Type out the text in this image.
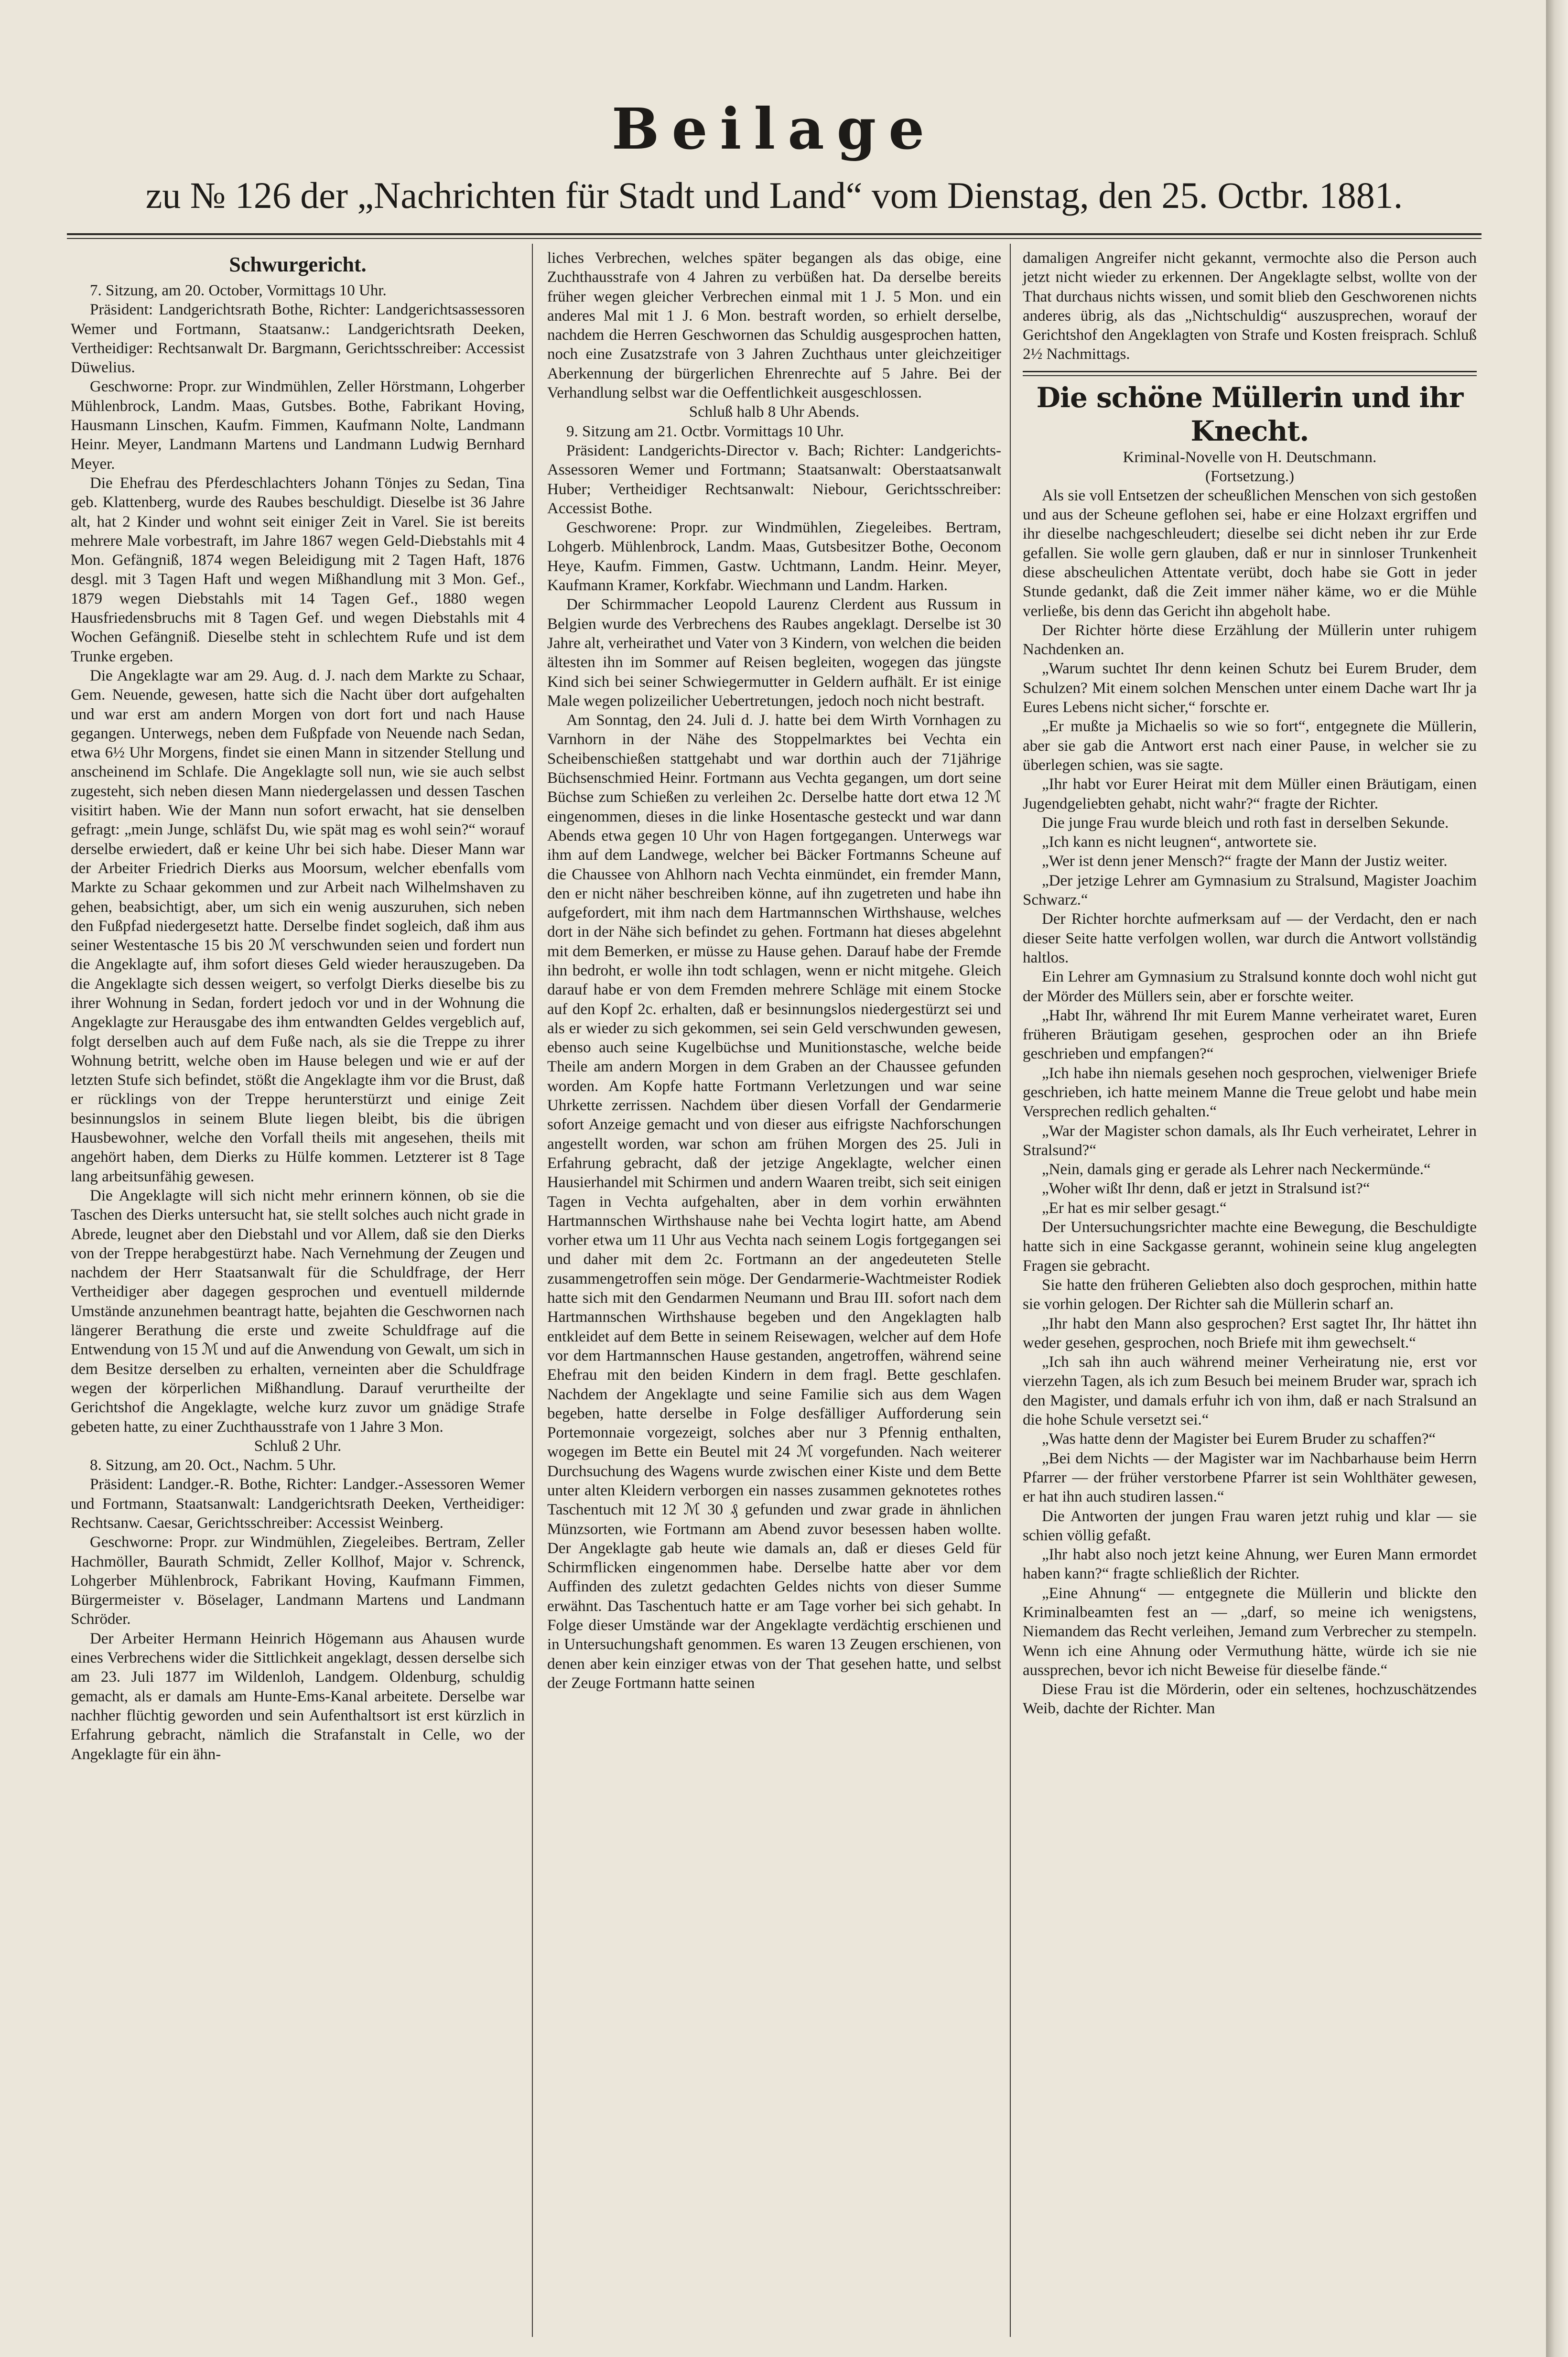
Beilage
zu № 126 der „Nachrichten für Stadt und Land“ vom Dienstag, den 25. Octbr. 1881.
Schwurgericht.

7. Sitzung, am 20. October, Vormittags 10 Uhr.

Präsident: Landgerichtsrath Bothe, Richter: Landgerichtsassessoren Wemer und Fortmann, Staatsanw.: Landgerichtsrath Deeken, Vertheidiger: Rechtsanwalt Dr. Bargmann, Gerichtsschreiber: Accessist Düwelius.

Geschworne: Propr. zur Windmühlen, Zeller Hörstmann, Lohgerber Mühlenbrock, Landm. Maas, Gutsbes. Bothe, Fabrikant Hoving, Hausmann Linschen, Kaufm. Fimmen, Kaufmann Nolte, Landmann Heinr. Meyer, Landmann Martens und Landmann Ludwig Bernhard Meyer.

Die Ehefrau des Pferdeschlachters Johann Tönjes zu Sedan, Tina geb. Klattenberg, wurde des Raubes beschuldigt. Dieselbe ist 36 Jahre alt, hat 2 Kinder und wohnt seit einiger Zeit in Varel. Sie ist bereits mehrere Male vorbestraft, im Jahre 1867 wegen Geld-Diebstahls mit 4 Mon. Gefängniß, 1874 wegen Beleidigung mit 2 Tagen Haft, 1876 desgl. mit 3 Tagen Haft und wegen Mißhandlung mit 3 Mon. Gef., 1879 wegen Diebstahls mit 14 Tagen Gef., 1880 wegen Hausfriedensbruchs mit 8 Tagen Gef. und wegen Diebstahls mit 4 Wochen Gefängniß. Dieselbe steht in schlechtem Rufe und ist dem Trunke ergeben.

Die Angeklagte war am 29. Aug. d. J. nach dem Markte zu Schaar, Gem. Neuende, gewesen, hatte sich die Nacht über dort aufgehalten und war erst am andern Morgen von dort fort und nach Hause gegangen. Unterwegs, neben dem Fußpfade von Neuende nach Sedan, etwa 6½ Uhr Morgens, findet sie einen Mann in sitzender Stellung und anscheinend im Schlafe. Die Angeklagte soll nun, wie sie auch selbst zugesteht, sich neben diesen Mann niedergelassen und dessen Taschen visitirt haben. Wie der Mann nun sofort erwacht, hat sie denselben gefragt: „mein Junge, schläfst Du, wie spät mag es wohl sein?“ worauf derselbe erwiedert, daß er keine Uhr bei sich habe. Dieser Mann war der Arbeiter Friedrich Dierks aus Moorsum, welcher ebenfalls vom Markte zu Schaar gekommen und zur Arbeit nach Wilhelmshaven zu gehen, beabsichtigt, aber, um sich ein wenig auszuruhen, sich neben den Fußpfad niedergesetzt hatte. Derselbe findet sogleich, daß ihm aus seiner Westentasche 15 bis 20 ℳ verschwunden seien und fordert nun die Angeklagte auf, ihm sofort dieses Geld wieder herauszugeben. Da die Angeklagte sich dessen weigert, so verfolgt Dierks dieselbe bis zu ihrer Wohnung in Sedan, fordert jedoch vor und in der Wohnung die Angeklagte zur Herausgabe des ihm entwandten Geldes vergeblich auf, folgt derselben auch auf dem Fuße nach, als sie die Treppe zu ihrer Wohnung betritt, welche oben im Hause belegen und wie er auf der letzten Stufe sich befindet, stößt die Angeklagte ihm vor die Brust, daß er rücklings von der Treppe herunterstürzt und einige Zeit besinnungslos in seinem Blute liegen bleibt, bis die übrigen Hausbewohner, welche den Vorfall theils mit angesehen, theils mit angehört haben, dem Dierks zu Hülfe kommen. Letzterer ist 8 Tage lang arbeitsunfähig gewesen.

Die Angeklagte will sich nicht mehr erinnern können, ob sie die Taschen des Dierks untersucht hat, sie stellt solches auch nicht grade in Abrede, leugnet aber den Diebstahl und vor Allem, daß sie den Dierks von der Treppe herabgestürzt habe. Nach Vernehmung der Zeugen und nachdem der Herr Staatsanwalt für die Schuldfrage, der Herr Vertheidiger aber dagegen gesprochen und eventuell mildernde Umstände anzunehmen beantragt hatte, bejahten die Geschwornen nach längerer Berathung die erste und zweite Schuldfrage auf die Entwendung von 15 ℳ und auf die Anwendung von Gewalt, um sich in dem Besitze derselben zu erhalten, verneinten aber die Schuldfrage wegen der körperlichen Mißhandlung. Darauf verurtheilte der Gerichtshof die Angeklagte, welche kurz zuvor um gnädige Strafe gebeten hatte, zu einer Zuchthausstrafe von 1 Jahre 3 Mon.

Schluß 2 Uhr.

8. Sitzung, am 20. Oct., Nachm. 5 Uhr.

Präsident: Landger.-R. Bothe, Richter: Landger.-Assessoren Wemer und Fortmann, Staatsanwalt: Landgerichtsrath Deeken, Vertheidiger: Rechtsanw. Caesar, Gerichtsschreiber: Accessist Weinberg.

Geschworne: Propr. zur Windmühlen, Ziegeleibes. Bertram, Zeller Hachmöller, Baurath Schmidt, Zeller Kollhof, Major v. Schrenck, Lohgerber Mühlenbrock, Fabrikant Hoving, Kaufmann Fimmen, Bürgermeister v. Böselager, Landmann Martens und Landmann Schröder.

Der Arbeiter Hermann Heinrich Högemann aus Ahausen wurde eines Verbrechens wider die Sittlichkeit angeklagt, dessen derselbe sich am 23. Juli 1877 im Wildenloh, Landgem. Oldenburg, schuldig gemacht, als er damals am Hunte-Ems-Kanal arbeitete. Derselbe war nachher flüchtig geworden und sein Aufenthaltsort ist erst kürzlich in Erfahrung gebracht, nämlich die Strafanstalt in Celle, wo der Angeklagte für ein ähn-

liches Verbrechen, welches später begangen als das obige, eine Zuchthausstrafe von 4 Jahren zu verbüßen hat. Da derselbe bereits früher wegen gleicher Verbrechen einmal mit 1 J. 5 Mon. und ein anderes Mal mit 1 J. 6 Mon. bestraft worden, so erhielt derselbe, nachdem die Herren Geschwornen das Schuldig ausgesprochen hatten, noch eine Zusatzstrafe von 3 Jahren Zuchthaus unter gleichzeitiger Aberkennung der bürgerlichen Ehrenrechte auf 5 Jahre. Bei der Verhandlung selbst war die Oeffentlichkeit ausgeschlossen.

Schluß halb 8 Uhr Abends.

9. Sitzung am 21. Octbr. Vormittags 10 Uhr.

Präsident: Landgerichts-Director v. Bach; Richter: Landgerichts-Assessoren Wemer und Fortmann; Staatsanwalt: Oberstaatsanwalt Huber; Vertheidiger Rechtsanwalt: Niebour, Gerichtsschreiber: Accessist Bothe.

Geschworene: Propr. zur Windmühlen, Ziegeleibes. Bertram, Lohgerb. Mühlenbrock, Landm. Maas, Gutsbesitzer Bothe, Oeconom Heye, Kaufm. Fimmen, Gastw. Uchtmann, Landm. Heinr. Meyer, Kaufmann Kramer, Korkfabr. Wiechmann und Landm. Harken.

Der Schirmmacher Leopold Laurenz Clerdent aus Russum in Belgien wurde des Verbrechens des Raubes angeklagt. Derselbe ist 30 Jahre alt, verheirathet und Vater von 3 Kindern, von welchen die beiden ältesten ihn im Sommer auf Reisen begleiten, wogegen das jüngste Kind sich bei seiner Schwiegermutter in Geldern aufhält. Er ist einige Male wegen polizeilicher Uebertretungen, jedoch noch nicht bestraft.

Am Sonntag, den 24. Juli d. J. hatte bei dem Wirth Vornhagen zu Varnhorn in der Nähe des Stoppelmarktes bei Vechta ein Scheibenschießen stattgehabt und war dorthin auch der 71jährige Büchsenschmied Heinr. Fortmann aus Vechta gegangen, um dort seine Büchse zum Schießen zu verleihen 2c. Derselbe hatte dort etwa 12 ℳ eingenommen, dieses in die linke Hosentasche gesteckt und war dann Abends etwa gegen 10 Uhr von Hagen fortgegangen. Unterwegs war ihm auf dem Landwege, welcher bei Bäcker Fortmanns Scheune auf die Chaussee von Ahlhorn nach Vechta einmündet, ein fremder Mann, den er nicht näher beschreiben könne, auf ihn zugetreten und habe ihn aufgefordert, mit ihm nach dem Hartmannschen Wirthshause, welches dort in der Nähe sich befindet zu gehen. Fortmann hat dieses abgelehnt mit dem Bemerken, er müsse zu Hause gehen. Darauf habe der Fremde ihn bedroht, er wolle ihn todt schlagen, wenn er nicht mitgehe. Gleich darauf habe er von dem Fremden mehrere Schläge mit einem Stocke auf den Kopf 2c. erhalten, daß er besinnungslos niedergestürzt sei und als er wieder zu sich gekommen, sei sein Geld verschwunden gewesen, ebenso auch seine Kugelbüchse und Munitionstasche, welche beide Theile am andern Morgen in dem Graben an der Chaussee gefunden worden. Am Kopfe hatte Fortmann Verletzungen und war seine Uhrkette zerrissen. Nachdem über diesen Vorfall der Gendarmerie sofort Anzeige gemacht und von dieser aus eifrigste Nachforschungen angestellt worden, war schon am frühen Morgen des 25. Juli in Erfahrung gebracht, daß der jetzige Angeklagte, welcher einen Hausierhandel mit Schirmen und andern Waaren treibt, sich seit einigen Tagen in Vechta aufgehalten, aber in dem vorhin erwähnten Hartmannschen Wirthshause nahe bei Vechta logirt hatte, am Abend vorher etwa um 11 Uhr aus Vechta nach seinem Logis fortgegangen sei und daher mit dem 2c. Fortmann an der angedeuteten Stelle zusammengetroffen sein möge. Der Gendarmerie-Wachtmeister Rodiek hatte sich mit den Gendarmen Neumann und Brau III. sofort nach dem Hartmannschen Wirthshause begeben und den Angeklagten halb entkleidet auf dem Bette in seinem Reisewagen, welcher auf dem Hofe vor dem Hartmannschen Hause gestanden, angetroffen, während seine Ehefrau mit den beiden Kindern in dem fragl. Bette geschlafen. Nachdem der Angeklagte und seine Familie sich aus dem Wagen begeben, hatte derselbe in Folge desfälliger Aufforderung sein Portemonnaie vorgezeigt, solches aber nur 3 Pfennig enthalten, wogegen im Bette ein Beutel mit 24 ℳ vorgefunden. Nach weiterer Durchsuchung des Wagens wurde zwischen einer Kiste und dem Bette unter alten Kleidern verborgen ein nasses zusammen geknotetes rothes Taschentuch mit 12 ℳ 30 ₰ gefunden und zwar grade in ähnlichen Münzsorten, wie Fortmann am Abend zuvor besessen haben wollte. Der Angeklagte gab heute wie damals an, daß er dieses Geld für Schirmflicken eingenommen habe. Derselbe hatte aber vor dem Auffinden des zuletzt gedachten Geldes nichts von dieser Summe erwähnt. Das Taschentuch hatte er am Tage vorher bei sich gehabt. In Folge dieser Umstände war der Angeklagte verdächtig erschienen und in Untersuchungshaft genommen. Es waren 13 Zeugen erschienen, von denen aber kein einziger etwas von der That gesehen hatte, und selbst der Zeuge Fortmann hatte seinen

damaligen Angreifer nicht gekannt, vermochte also die Person auch jetzt nicht wieder zu erkennen. Der Angeklagte selbst, wollte von der That durchaus nichts wissen, und somit blieb den Geschworenen nichts anderes übrig, als das „Nichtschuldig“ auszusprechen, worauf der Gerichtshof den Angeklagten von Strafe und Kosten freisprach. Schluß 2½ Nachmittags.

Die schöne Müllerin und ihr Knecht.
Kriminal-Novelle von H. Deutschmann.
(Fortsetzung.)

Als sie voll Entsetzen der scheußlichen Menschen von sich gestoßen und aus der Scheune geflohen sei, habe er eine Holzaxt ergriffen und ihr dieselbe nachgeschleudert; dieselbe sei dicht neben ihr zur Erde gefallen. Sie wolle gern glauben, daß er nur in sinnloser Trunkenheit diese abscheulichen Attentate verübt, doch habe sie Gott in jeder Stunde gedankt, daß die Zeit immer näher käme, wo er die Mühle verließe, bis denn das Gericht ihn abgeholt habe.

Der Richter hörte diese Erzählung der Müllerin unter ruhigem Nachdenken an.

„Warum suchtet Ihr denn keinen Schutz bei Eurem Bruder, dem Schulzen? Mit einem solchen Menschen unter einem Dache wart Ihr ja Eures Lebens nicht sicher,“ forschte er.

„Er mußte ja Michaelis so wie so fort“, entgegnete die Müllerin, aber sie gab die Antwort erst nach einer Pause, in welcher sie zu überlegen schien, was sie sagte.

„Ihr habt vor Eurer Heirat mit dem Müller einen Bräutigam, einen Jugendgeliebten gehabt, nicht wahr?“ fragte der Richter.

Die junge Frau wurde bleich und roth fast in derselben Sekunde.

„Ich kann es nicht leugnen“, antwortete sie.

„Wer ist denn jener Mensch?“ fragte der Mann der Justiz weiter.

„Der jetzige Lehrer am Gymnasium zu Stralsund, Magister Joachim Schwarz.“

Der Richter horchte aufmerksam auf — der Verdacht, den er nach dieser Seite hatte verfolgen wollen, war durch die Antwort vollständig haltlos.

Ein Lehrer am Gymnasium zu Stralsund konnte doch wohl nicht gut der Mörder des Müllers sein, aber er forschte weiter.

„Habt Ihr, während Ihr mit Eurem Manne verheiratet waret, Euren früheren Bräutigam gesehen, gesprochen oder an ihn Briefe geschrieben und empfangen?“

„Ich habe ihn niemals gesehen noch gesprochen, vielweniger Briefe geschrieben, ich hatte meinem Manne die Treue gelobt und habe mein Versprechen redlich gehalten.“

„War der Magister schon damals, als Ihr Euch verheiratet, Lehrer in Stralsund?“

„Nein, damals ging er gerade als Lehrer nach Neckermünde.“

„Woher wißt Ihr denn, daß er jetzt in Stralsund ist?“

„Er hat es mir selber gesagt.“

Der Untersuchungsrichter machte eine Bewegung, die Beschuldigte hatte sich in eine Sackgasse gerannt, wohinein seine klug angelegten Fragen sie gebracht.

Sie hatte den früheren Geliebten also doch gesprochen, mithin hatte sie vorhin gelogen. Der Richter sah die Müllerin scharf an.

„Ihr habt den Mann also gesprochen? Erst sagtet Ihr, Ihr hättet ihn weder gesehen, gesprochen, noch Briefe mit ihm gewechselt.“

„Ich sah ihn auch während meiner Verheiratung nie, erst vor vierzehn Tagen, als ich zum Besuch bei meinem Bruder war, sprach ich den Magister, und damals erfuhr ich von ihm, daß er nach Stralsund an die hohe Schule versetzt sei.“

„Was hatte denn der Magister bei Eurem Bruder zu schaffen?“

„Bei dem Nichts — der Magister war im Nachbarhause beim Herrn Pfarrer — der früher verstorbene Pfarrer ist sein Wohlthäter gewesen, er hat ihn auch studiren lassen.“

Die Antworten der jungen Frau waren jetzt ruhig und klar — sie schien völlig gefaßt.

„Ihr habt also noch jetzt keine Ahnung, wer Euren Mann ermordet haben kann?“ fragte schließlich der Richter.

„Eine Ahnung“ — entgegnete die Müllerin und blickte den Kriminalbeamten fest an — „darf, so meine ich wenigstens, Niemandem das Recht verleihen, Jemand zum Verbrecher zu stempeln. Wenn ich eine Ahnung oder Vermuthung hätte, würde ich sie nie aussprechen, bevor ich nicht Beweise für dieselbe fände.“

Diese Frau ist die Mörderin, oder ein seltenes, hochzuschätzendes Weib, dachte der Richter. Man
